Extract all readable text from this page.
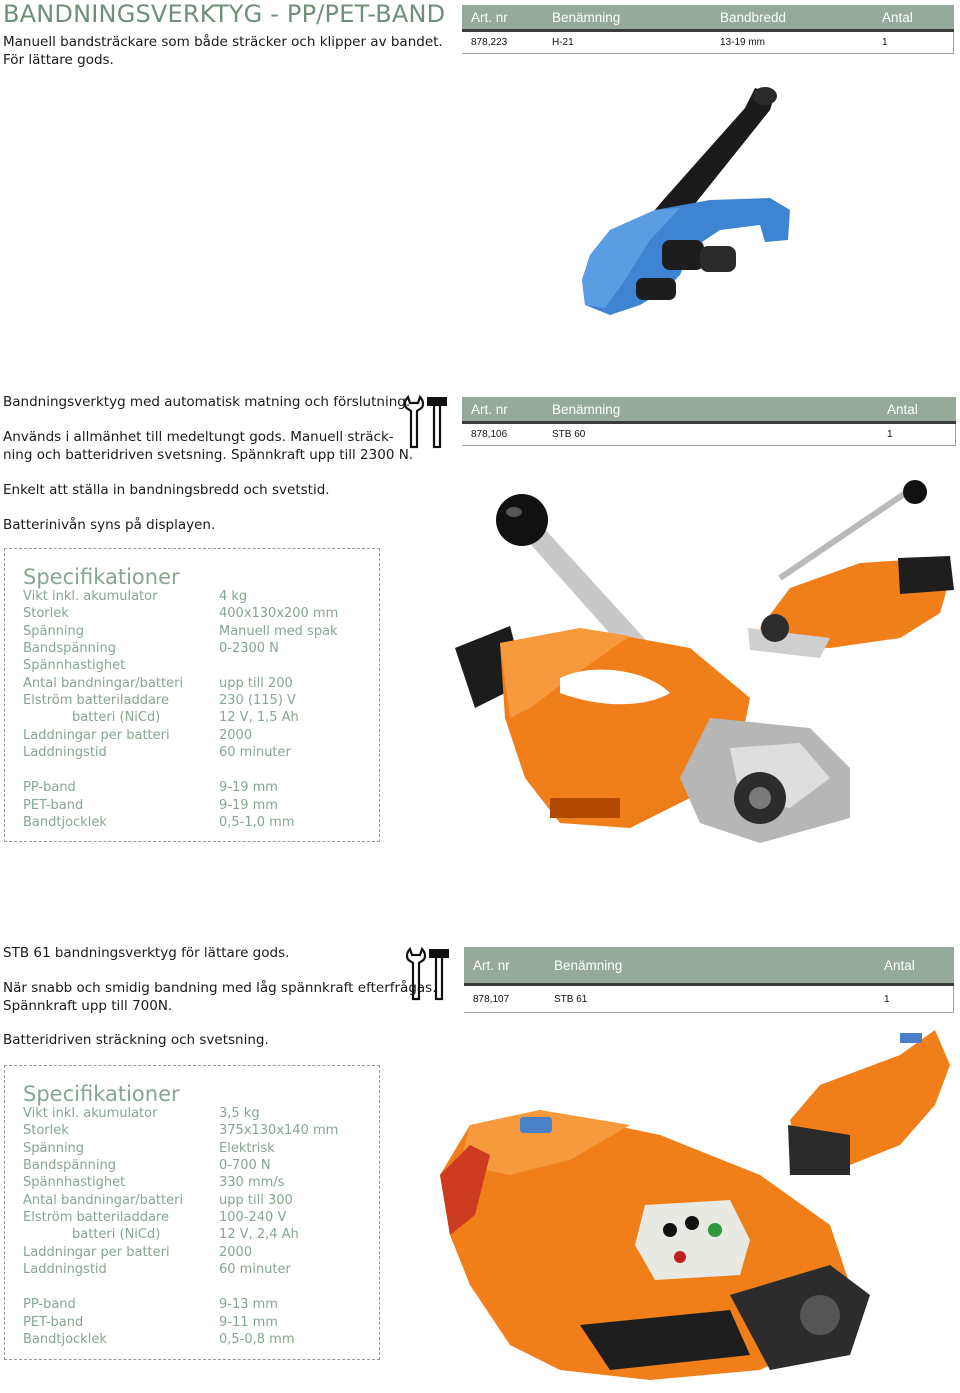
BANDNINGSVERKTYG - PP/PET-BAND
Manuell bandsträckare som både sträcker och klipper av bandet.
För lättare gods.
Art. nr	Benämning	Bandbredd	Antal
878,223	H-21	13-19 mm	1
Bandningsverktyg med automatisk matning och förslutning.
Används i allmänhet till medeltungt gods. Manuell sträck-
ning och batteridriven svetsning. Spännkraft upp till 2300 N.
Enkelt att ställa in bandningsbredd och svetstid.
Batterinivån syns på displayen.
Art. nr	Benämning	Antal
878,106	STB 60	1
Specifikationer
Vikt inkl. akumulator	4 kg
Storlek	400x130x200 mm
Spänning	Manuell med spak
Bandspänning	0-2300 N
Spännhastighet
Antal bandningar/batteri	upp till 200
Elström batteriladdare	230 (115) V
batteri (NiCd)	12 V, 1,5 Ah
Laddningar per batteri	2000
Laddningstid	60 minuter
PP-band	9-19 mm
PET-band	9-19 mm
Bandtjocklek	0,5-1,0 mm
STB 61 bandningsverktyg för lättare gods.
När snabb och smidig bandning med låg spännkraft efterfrågas.
Spännkraft upp till 700N.
Batteridriven sträckning och svetsning.
Art. nr	Benämning	Antal
878,107	STB 61	1
Specifikationer
Vikt inkl. akumulator	3,5 kg
Storlek	375x130x140 mm
Spänning	Elektrisk
Bandspänning	0-700 N
Spännhastighet	330 mm/s
Antal bandningar/batteri	upp till 300
Elström batteriladdare	100-240 V
batteri (NiCd)	12 V, 2,4 Ah
Laddningar per batteri	2000
Laddningstid	60 minuter
PP-band	9-13 mm
PET-band	9-11 mm
Bandtjocklek	0,5-0,8 mm
